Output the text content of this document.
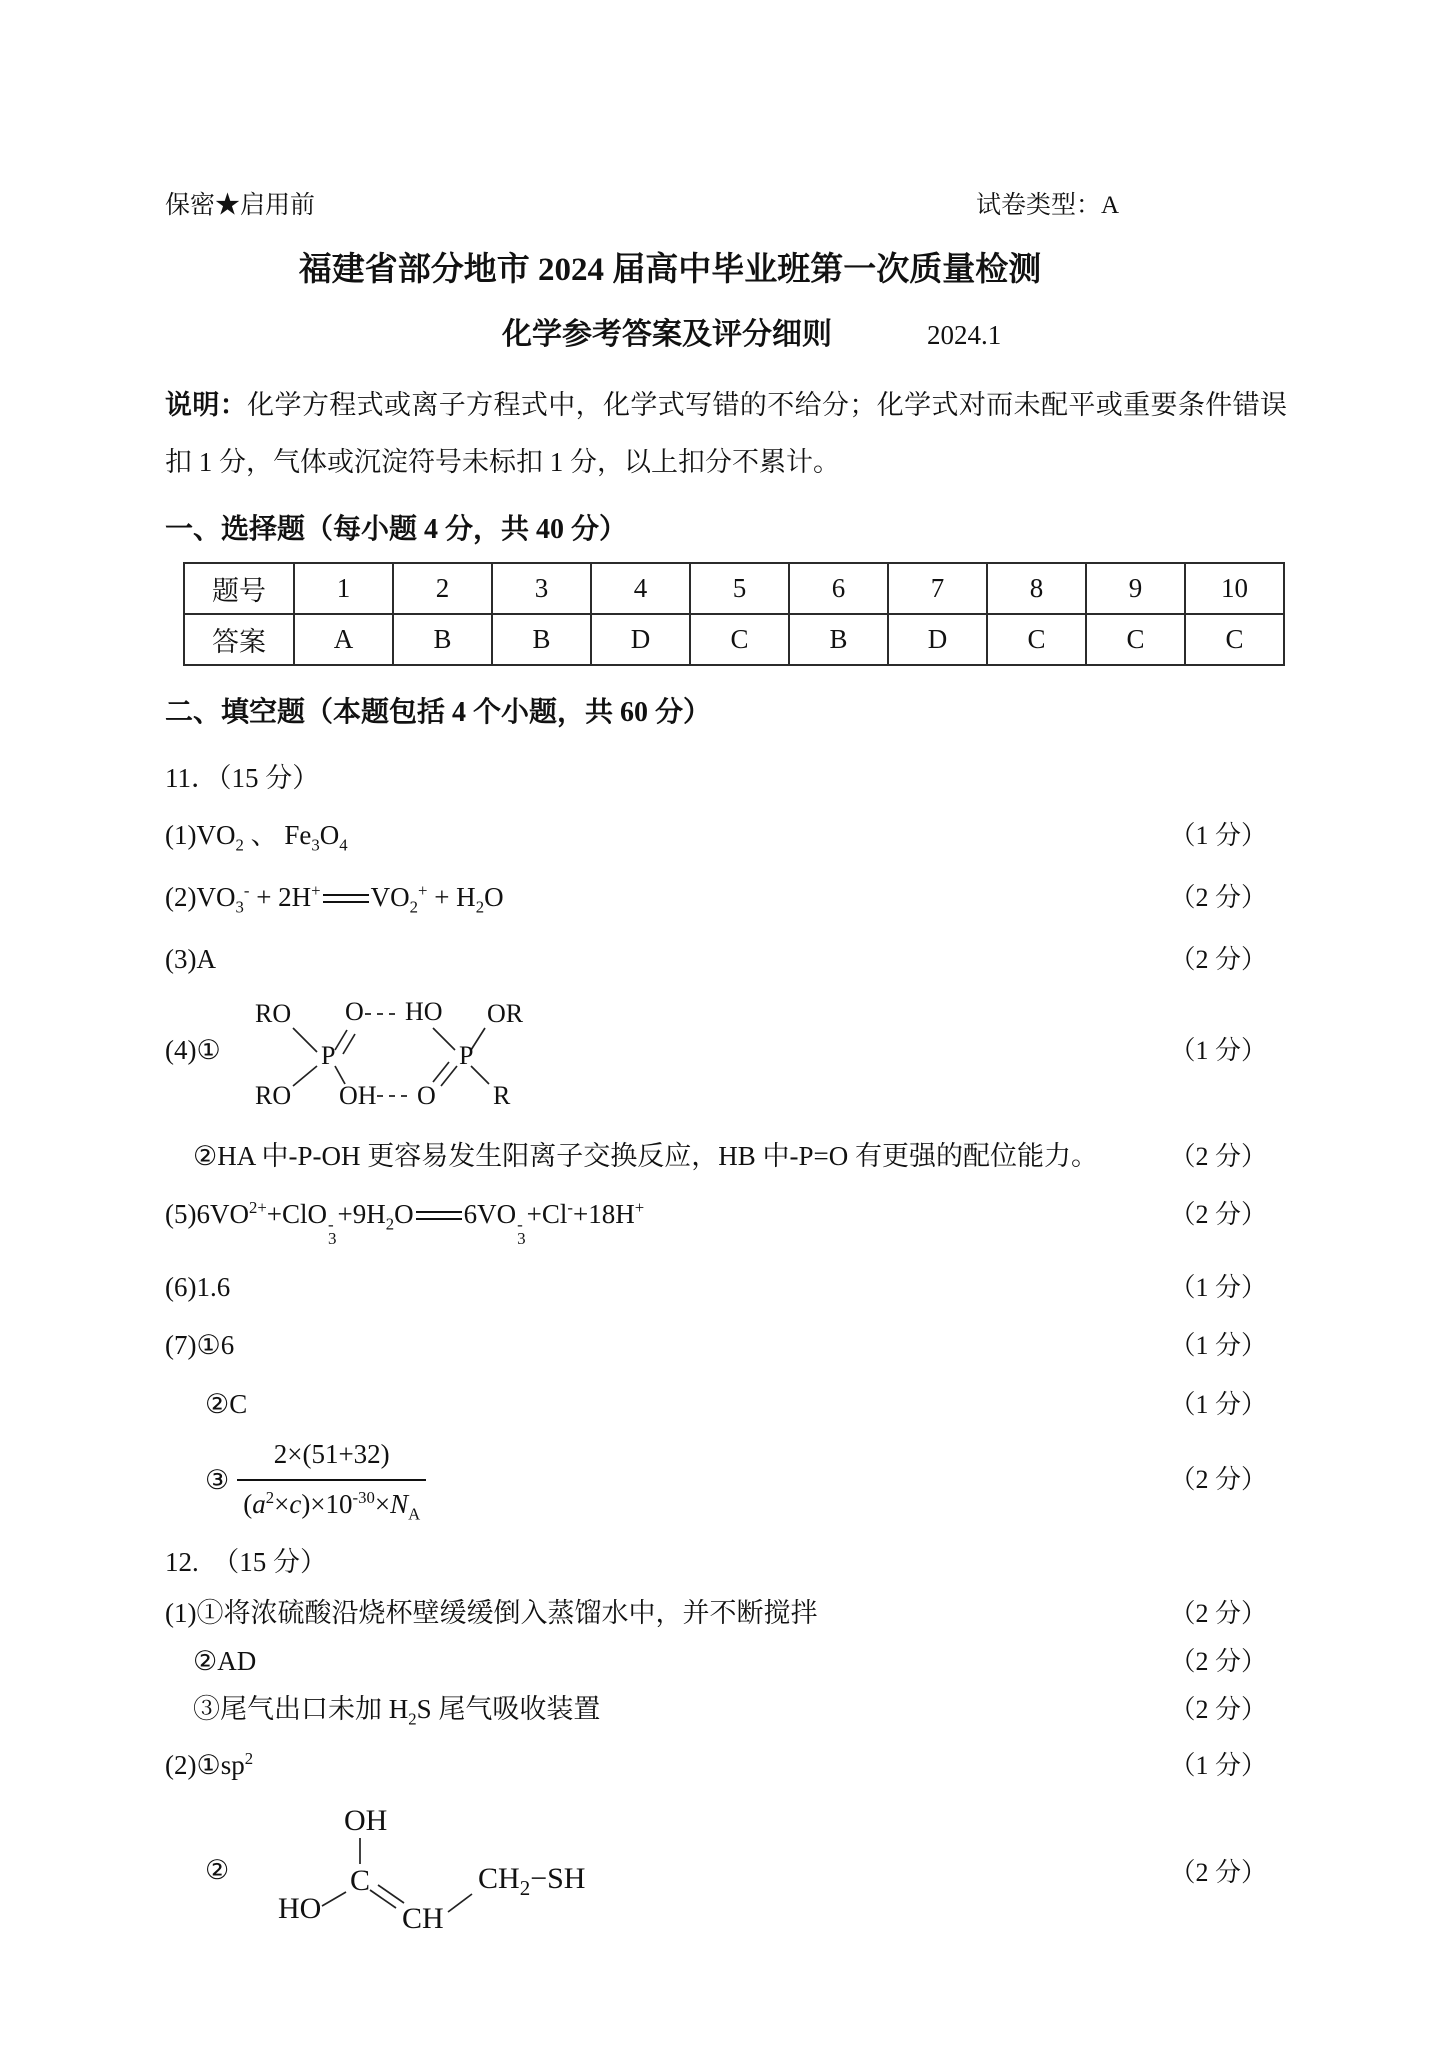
保密★启用前	试卷类型：A
福建省部分地市 2024 届高中毕业班第一次质量检测
化学参考答案及评分细则	2024.1

说明：化学方程式或离子方程式中，化学式写错的不给分；化学式对而未配平或重要条件错误扣 1 分，气体或沉淀符号未标扣 1 分，以上扣分不累计。

一、选择题（每小题 4 分，共 40 分）
题号	1	2	3	4	5	6	7	8	9	10
答案	A	B	B	D	C	B	D	C	C	C
二、填空题（本题包括 4 个小题，共 60 分）
11．（15 分）
$(1)VO_2$ 、 $Fe_3O_4$	（1 分）
$(2)VO_3^- + 2H^+$ $VO_2^+ + H_2O$	（2 分）
(3)A	（2 分）
(4)①
RO O HO OR
P	P
RO OH O R
（1 分）
②HA 中-P-OH 更容易发生阳离子交换反应，HB 中-P=O 有更强的配位能力。	（2 分）
$(5)6VO^{2+}+ClO$ -
3
$+9H_2O$ 6VO -
3
+Cl-+18H+	（2 分）
(6)1.6	（1 分）
(7)①6	（1 分）
②C	（1 分）
③ $\frac{2\times(51+32)}{(a^2\times c)\times 10^{-30}\times N_A}$	（2 分）
12.　（15 分）
(1)①将浓硫酸沿烧杯壁缓缓倒入蒸馏水中，并不断搅拌	（2 分）
②AD	（2 分）
③尾气出口未加 $H_2S$ 尾气吸收装置	（2 分）
$(2)①sp^2$	（1 分）
②
OH
HO
C
CH
$CH_2-SH$	（2 分）
